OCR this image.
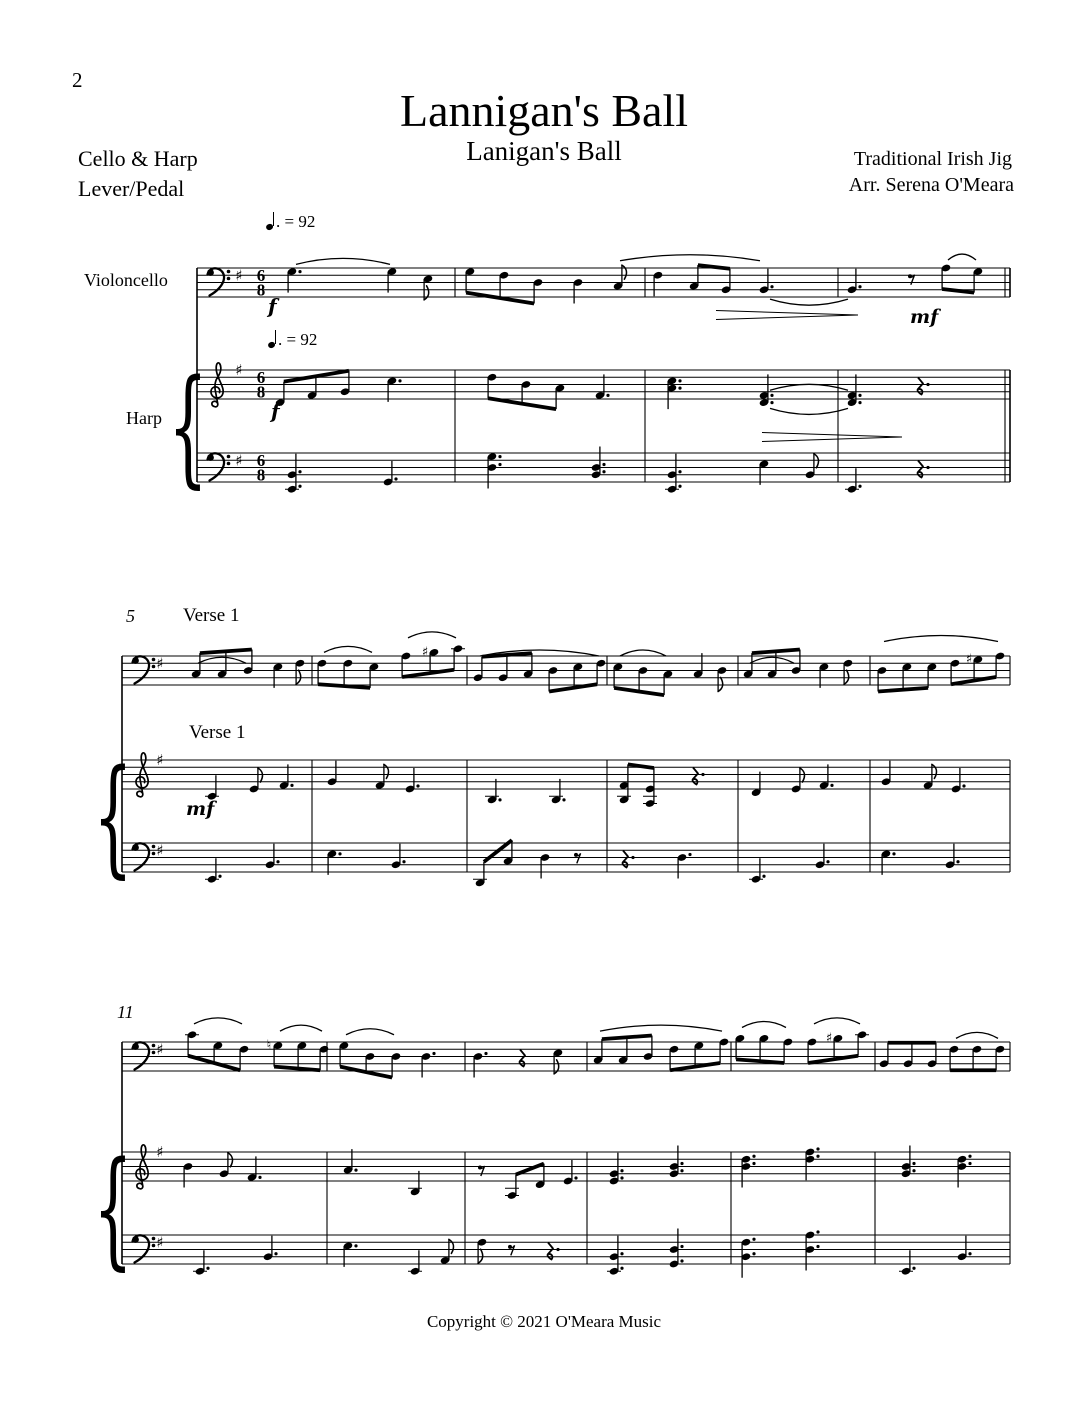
♯ 6
8
♯ 6
8
♯ 6
8
{
♯
♯	♯
♯
♯
{
♯	♮	♯
♯
♯
{
2
Lannigan's Ball
Lanigan's Ball
Cello & Harp
Lever/Pedal
Traditional Irish Jig
Arr. Serena O'Meara
. = 92
. = 92
Violoncello
Harp
f
f
mf
mf
5	Verse 1
Verse 1
11
Copyright © 2021 O'Meara Music
